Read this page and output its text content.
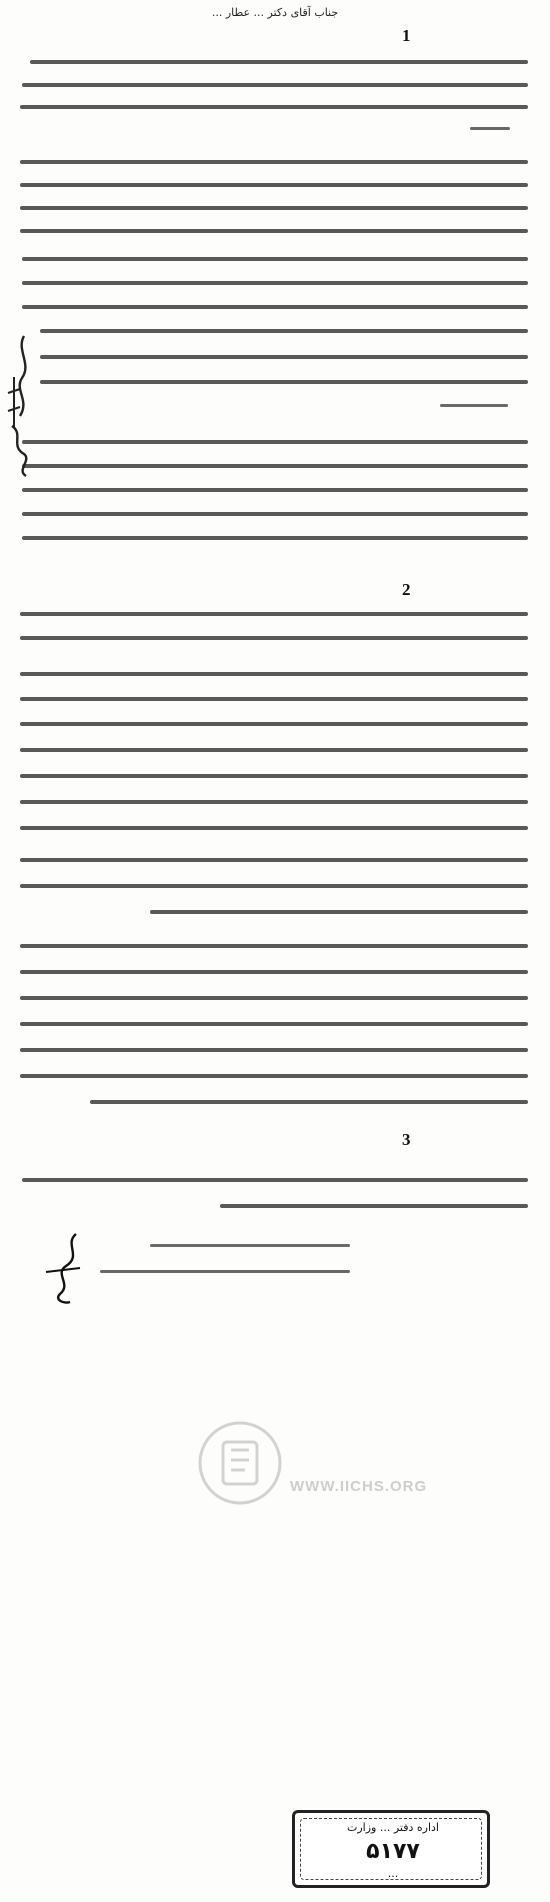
جناب آقای دکتر ... عطار ...
1
2
3
WWW.IICHS.ORG
اداره دفتر ... وزارت
۵۱۷۷
...
